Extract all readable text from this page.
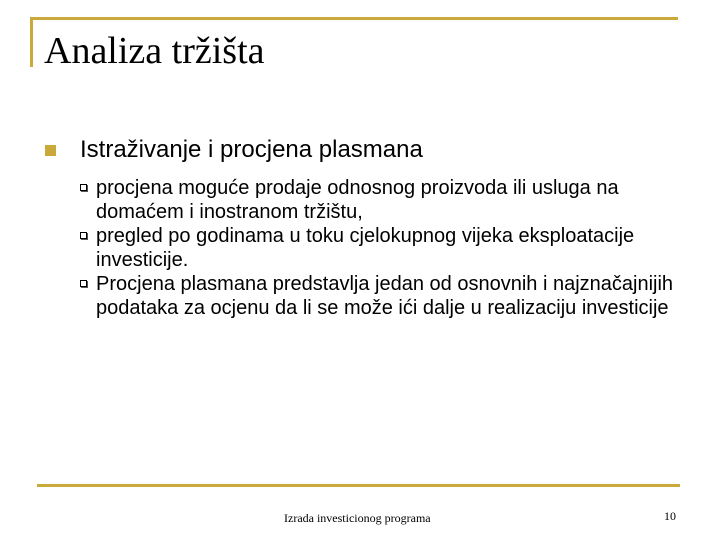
Analiza tržišta
Istraživanje i procjena plasmana
procjena moguće prodaje odnosnog proizvoda ili usluga na domaćem i inostranom tržištu,
pregled po godinama u toku cjelokupnog vijeka eksploatacije investicije.
Procjena plasmana predstavlja jedan od osnovnih i najznačajnijih podataka za ocjenu da li se može ići dalje u realizaciju investicije
Izrada investicionog programa	10
